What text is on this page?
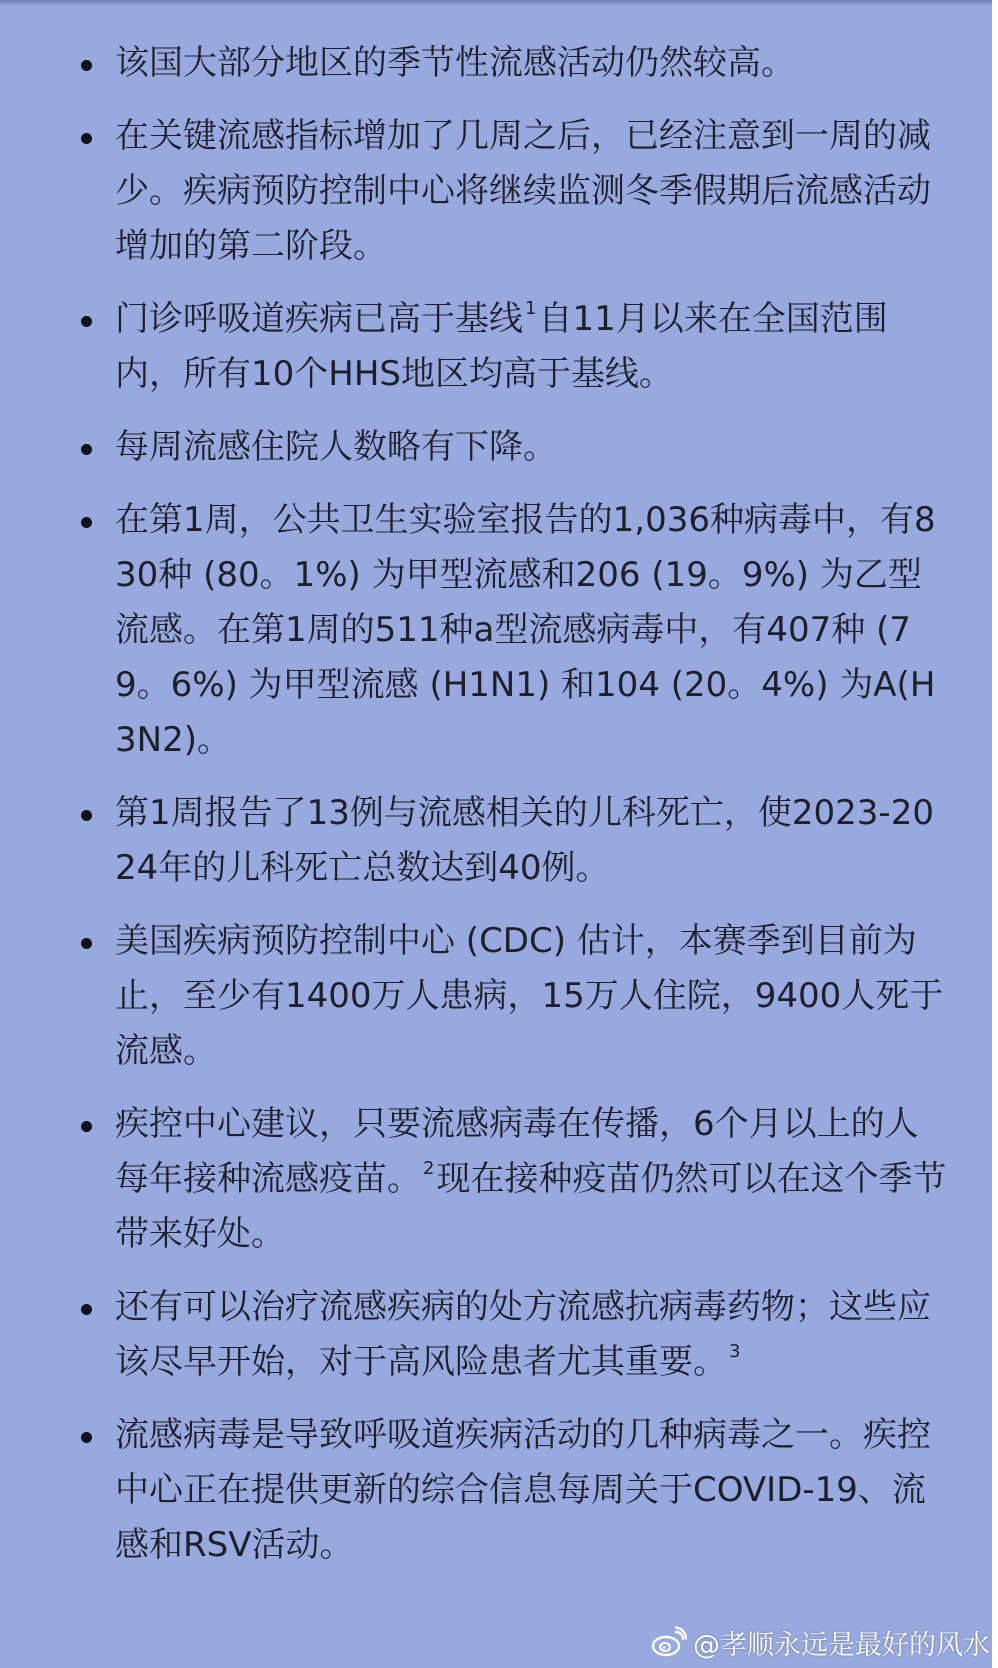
该国大部分地区的季节性流感活动仍然较高。
在关键流感指标增加了几周之后，已经注意到一周的减少。疾病预防控制中心将继续监测冬季假期后流感活动增加的第二阶段。
门诊呼吸道疾病已高于基线 $^1$自11月以来在全国范围内，所有10个HHS地区均高于基线。
每周流感住院人数略有下降。
在第1周，公共卫生实验室报告的1,036种病毒中，有830种 (80。1%) 为甲型流感和206 (19。9%) 为乙型流感。在第1周的511种a型流感病毒中，有407种 (79。6%) 为甲型流感 (H1N1) 和104 (20。4%) 为A(H3N2)。
第1周报告了13例与流感相关的儿科死亡，使2023-2024年的儿科死亡总数达到40例。
美国疾病预防控制中心 (CDC) 估计，本赛季到目前为止，至少有1400万人患病，15万人住院，9400人死于流感。
疾控中心建议，只要流感病毒在传播，6个月以上的人每年接种流感疫苗。 $^2$现在接种疫苗仍然可以在这个季节带来好处。
还有可以治疗流感疾病的处方流感抗病毒药物；这些应该尽早开始，对于高风险患者尤其重要。 $^3$
流感病毒是导致呼吸道疾病活动的几种病毒之一。疾控中心正在提供更新的综合信息每周关于COVID-19、流感和RSV活动。
@孝顺永远是最好的风水
